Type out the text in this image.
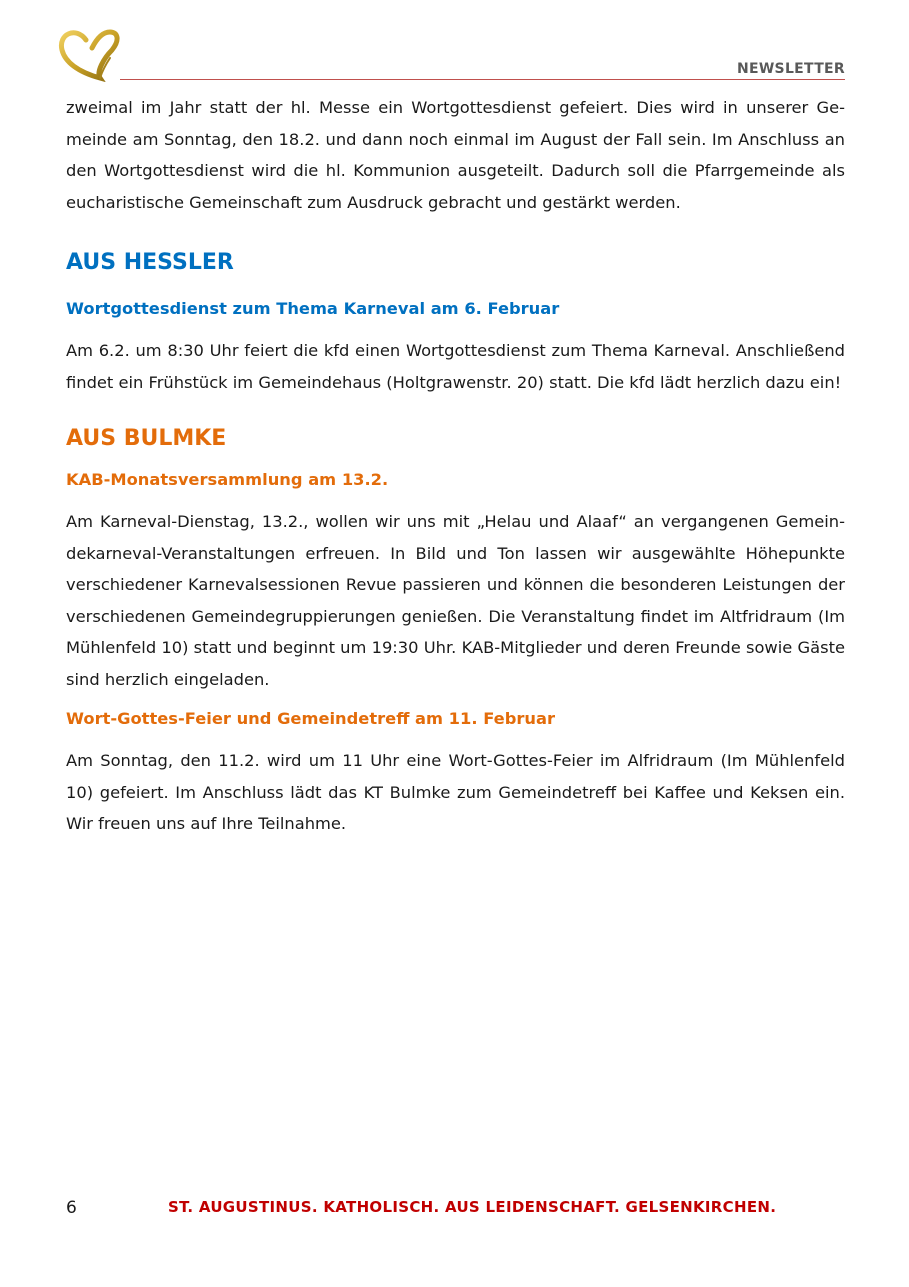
NEWSLETTER

zweimal im Jahr statt der hl. Messe ein Wortgottesdienst gefeiert. Dies wird in unserer Gemeinde am Sonntag, den 18.2. und dann noch einmal im August der Fall sein. Im Anschluss an den Wortgottesdienst wird die hl. Kommunion ausgeteilt. Dadurch soll die Pfarrgemeinde als eucharistische Gemeinschaft zum Ausdruck gebracht und gestärkt werden.

AUS HESSLER
Wortgottesdienst zum Thema Karneval am 6. Februar

Am 6.2. um 8:30 Uhr feiert die kfd einen Wortgottesdienst zum Thema Karneval. Anschließend findet ein Frühstück im Gemeindehaus (Holtgrawenstr. 20) statt. Die kfd lädt herzlich dazu ein!

AUS BULMKE
KAB-Monatsversammlung am 13.2.

Am Karneval-Dienstag, 13.2., wollen wir uns mit „Helau und Alaaf“ an vergangenen Gemeindekarneval-Veranstaltungen erfreuen. In Bild und Ton lassen wir ausgewählte Höhepunkte verschiedener Karnevalsessionen Revue passieren und können die besonderen Leistungen der verschiedenen Gemeindegruppierungen genießen. Die Veranstaltung findet im Altfridraum (Im Mühlenfeld 10) statt und beginnt um 19:30 Uhr. KAB-Mitglieder und deren Freunde sowie Gäste sind herzlich eingeladen.

Wort-Gottes-Feier und Gemeindetreff am 11. Februar

Am Sonntag, den 11.2. wird um 11 Uhr eine Wort-Gottes-Feier im Alfridraum (Im Mühlenfeld 10) gefeiert. Im Anschluss lädt das KT Bulmke zum Gemeindetreff bei Kaffee und Keksen ein. Wir freuen uns auf Ihre Teilnahme.

6	ST. AUGUSTINUS. KATHOLISCH. AUS LEIDENSCHAFT. GELSENKIRCHEN.
